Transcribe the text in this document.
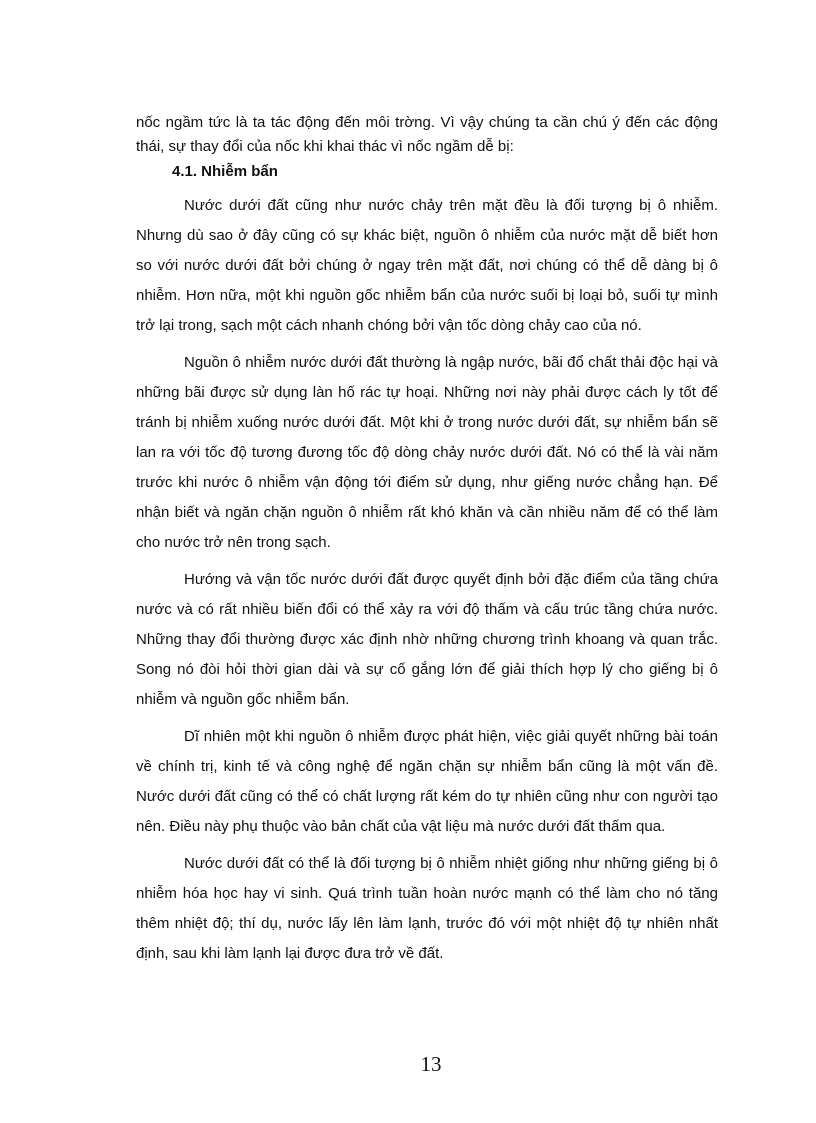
nốc ngầm tức là ta tác động đến môi trờng. Vì vậy chúng ta cần chú ý đến các động thái, sự thay đổi của nốc khi khai thác vì nốc ngầm dễ bị:

4.1. Nhiễm bẩn

Nước dưới đất cũng như nước chảy trên mặt đều là đối tượng bị ô nhiễm. Nhưng dù sao ở đây cũng có sự khác biệt, nguồn ô nhiễm của nước mặt dễ biết hơn so với nước dưới đất bởi chúng ở ngay trên mặt đất, nơi chúng có thể dễ dàng bị ô nhiễm. Hơn nữa, một khi nguồn gốc nhiễm bẩn của nước suối bị loại bỏ, suối tự mình trở lại trong, sạch một cách nhanh chóng bởi vận tốc dòng chảy cao của nó.

Nguồn ô nhiễm nước dưới đất thường là ngập nước, bãi đổ chất thải độc hại và những bãi được sử dụng làn hố rác tự hoại. Những nơi này phải được cách ly tốt để tránh bị nhiễm xuống nước dưới đất. Một khi ở trong nước dưới đất, sự nhiễm bẩn sẽ lan ra với tốc độ tương đương tốc độ dòng chảy nước dưới đất. Nó có thể là vài năm trước khi nước ô nhiễm vận động tới điểm sử dụng, như giếng nước chẳng hạn. Để nhận biết và ngăn chặn nguồn ô nhiễm rất khó khăn và cần nhiều năm để có thể làm cho nước trở nên trong sạch.

Hướng và vận tốc nước dưới đất được quyết định bởi đặc điểm của tầng chứa nước và có rất nhiều biến đổi có thể xảy ra với độ thấm và cấu trúc tầng chứa nước. Những thay đổi thường được xác định nhờ những chương trình khoang và quan trắc. Song nó đòi hỏi thời gian dài và sự cố gắng lớn để giải thích hợp lý cho giếng bị ô nhiễm và nguồn gốc nhiễm bẩn.

Dĩ nhiên một khi nguồn ô nhiễm được phát hiện, việc giải quyết những bài toán về chính trị, kinh tế và công nghệ để ngăn chặn sự nhiễm bẩn cũng là một vấn đề. Nước dưới đất cũng có thể có chất lượng rất kém do tự nhiên cũng như con người tạo nên. Điều này phụ thuộc vào bản chất của vật liệu mà nước dưới đất thấm qua.

Nước dưới đất có thể là đối tượng bị ô nhiễm nhiệt giống như những giếng bị ô nhiễm hóa học hay vi sinh. Quá trình tuần hoàn nước mạnh có thể làm cho nó tăng thêm nhiệt độ; thí dụ, nước lấy lên làm lạnh, trước đó với một nhiệt độ tự nhiên nhất định, sau khi làm lạnh lại được đưa trở về đất.

13
